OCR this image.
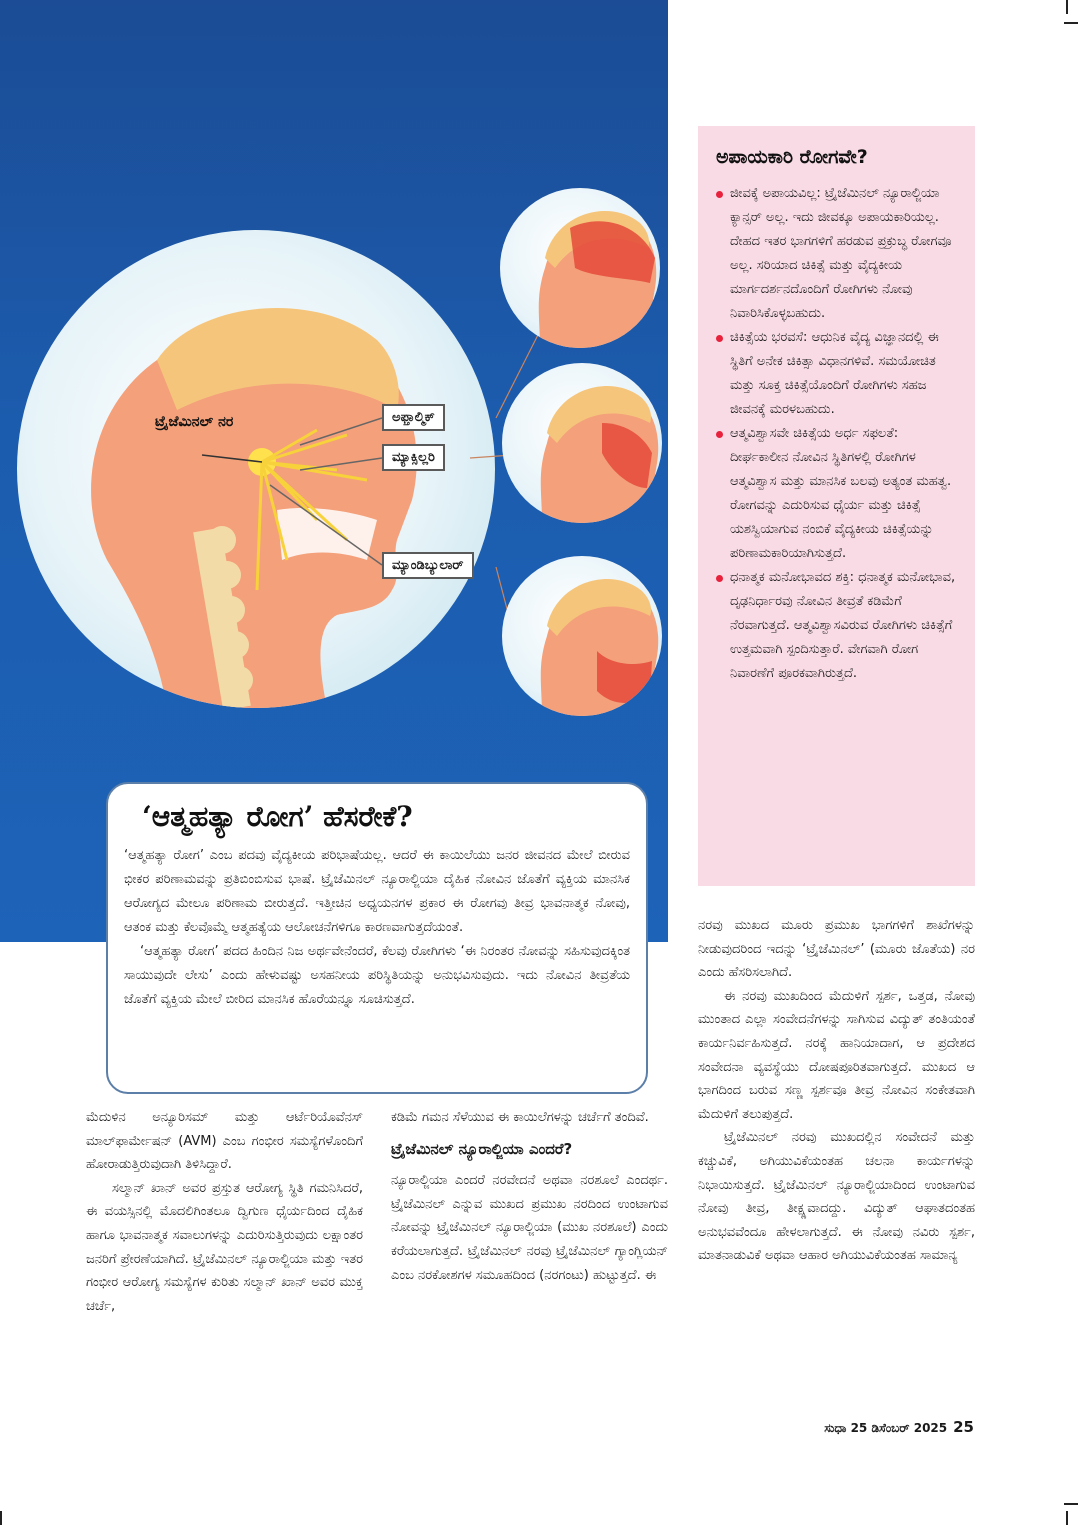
ಟ್ರೈಜೆಮಿನಲ್ ನರ	ಅಫ್ತಾಲ್ಮಿಕ್
ಮ್ಯಾಕ್ಸಿಲ್ಲರಿ
ಮ್ಯಾಂಡಿಬ್ಯುಲಾರ್
ಅಪಾಯಕಾರಿ ರೋಗವೇ?
ಜೀವಕ್ಕೆ ಅಪಾಯವಿಲ್ಲ: ಟ್ರೈಜೆಮಿನಲ್ ನ್ಯೂರಾಲ್ಜಿಯಾ ಕ್ಯಾನ್ಸರ್ ಅಲ್ಲ. ಇದು ಜೀವಕ್ಕೂ ಅಪಾಯಕಾರಿಯಲ್ಲ. ದೇಹದ ಇತರ ಭಾಗಗಳಿಗೆ ಹರಡುವ ಪ್ರಕ್ರುಬ್ಧ ರೋಗವೂ ಅಲ್ಲ. ಸರಿಯಾದ ಚಿಕಿತ್ಸೆ ಮತ್ತು ವೈದ್ಯಕೀಯ ಮಾರ್ಗದರ್ಶನದೊಂದಿಗೆ ರೋಗಿಗಳು ನೋವು ನಿವಾರಿಸಿಕೊಳ್ಳಬಹುದು.
ಚಿಕಿತ್ಸೆಯ ಭರವಸೆ: ಆಧುನಿಕ ವೈದ್ಯ ವಿಜ್ಞಾನದಲ್ಲಿ ಈ ಸ್ಥಿತಿಗೆ ಅನೇಕ ಚಿಕಿತ್ಸಾ ವಿಧಾನಗಳಿವೆ. ಸಮಯೋಚಿತ ಮತ್ತು ಸೂಕ್ತ ಚಿಕಿತ್ಸೆಯೊಂದಿಗೆ ರೋಗಿಗಳು ಸಹಜ ಜೀವನಕ್ಕೆ ಮರಳಬಹುದು.
ಆತ್ಮವಿಶ್ವಾಸವೇ ಚಿಕಿತ್ಸೆಯ ಅರ್ಧ ಸಫಲತೆ: ದೀರ್ಘಕಾಲೀನ ನೋವಿನ ಸ್ಥಿತಿಗಳಲ್ಲಿ ರೋಗಿಗಳ ಆತ್ಮವಿಶ್ವಾಸ ಮತ್ತು ಮಾನಸಿಕ ಬಲವು ಅತ್ಯಂತ ಮಹತ್ವ. ರೋಗವನ್ನು ಎದುರಿಸುವ ಧೈರ್ಯ ಮತ್ತು ಚಿಕಿತ್ಸೆ ಯಶಸ್ವಿಯಾಗುವ ನಂಬಿಕೆ ವೈದ್ಯಕೀಯ ಚಿಕಿತ್ಸೆಯನ್ನು ಪರಿಣಾಮಕಾರಿಯಾಗಿಸುತ್ತದೆ.
ಧನಾತ್ಮಕ ಮನೋಭಾವದ ಶಕ್ತಿ: ಧನಾತ್ಮಕ ಮನೋಭಾವ, ದೃಢನಿರ್ಧಾರವು ನೋವಿನ ತೀವ್ರತೆ ಕಡಿಮೆಗೆ ನೆರವಾಗುತ್ತದೆ. ಆತ್ಮವಿಶ್ವಾಸವಿರುವ ರೋಗಿಗಳು ಚಿಕಿತ್ಸೆಗೆ ಉತ್ತಮವಾಗಿ ಸ್ಪಂದಿಸುತ್ತಾರೆ. ವೇಗವಾಗಿ ರೋಗ ನಿವಾರಣೆಗೆ ಪೂರಕವಾಗಿರುತ್ತದೆ.
‘ಆತ್ಮಹತ್ಯಾ ರೋಗ’ ಹೆಸರೇಕೆ?

‘ಆತ್ಮಹತ್ಯಾ ರೋಗ’ ಎಂಬ ಪದವು ವೈದ್ಯಕೀಯ ಪರಿಭಾಷೆಯಲ್ಲ. ಆದರೆ ಈ ಕಾಯಿಲೆಯು ಜನರ ಜೀವನದ ಮೇಲೆ ಬೀರುವ ಭೀಕರ ಪರಿಣಾಮವನ್ನು ಪ್ರತಿಬಿಂಬಿಸುವ ಭಾಷೆ. ಟ್ರೈಜೆಮಿನಲ್ ನ್ಯೂರಾಲ್ಜಿಯಾ ದೈಹಿಕ ನೋವಿನ ಜೊತೆಗೆ ವ್ಯಕ್ತಿಯ ಮಾನಸಿಕ ಆರೋಗ್ಯದ ಮೇಲೂ ಪರಿಣಾಮ ಬೀರುತ್ತದೆ. ಇತ್ತೀಚಿನ ಅಧ್ಯಯನಗಳ ಪ್ರಕಾರ ಈ ರೋಗವು ತೀವ್ರ ಭಾವನಾತ್ಮಕ ನೋವು, ಆತಂಕ ಮತ್ತು ಕೆಲವೊಮ್ಮೆ ಆತ್ಮಹತ್ಯೆಯ ಆಲೋಚನೆಗಳಿಗೂ ಕಾರಣವಾಗುತ್ತದೆಯಂತೆ.

‘ಆತ್ಮಹತ್ಯಾ ರೋಗ’ ಪದದ ಹಿಂದಿನ ನಿಜ ಅರ್ಥವೇನೆಂದರೆ, ಕೆಲವು ರೋಗಿಗಳು ‘ಈ ನಿರಂತರ ನೋವನ್ನು ಸಹಿಸುವುದಕ್ಕಿಂತ ಸಾಯುವುದೇ ಲೇಸು’ ಎಂದು ಹೇಳುವಷ್ಟು ಅಸಹನೀಯ ಪರಿಸ್ಥಿತಿಯನ್ನು ಅನುಭವಿಸುವುದು. ಇದು ನೋವಿನ ತೀವ್ರತೆಯ ಜೊತೆಗೆ ವ್ಯಕ್ತಿಯ ಮೇಲೆ ಬೀರಿದ ಮಾನಸಿಕ ಹೊರೆಯನ್ನೂ ಸೂಚಿಸುತ್ತದೆ.

ಮೆದುಳಿನ ಅನ್ಯೂರಿಸಮ್ ಮತ್ತು ಆರ್ಟೆರಿಯೊವೆನಸ್ ಮಾಲ್‌ಫಾರ್ಮೇಷನ್ (AVM) ಎಂಬ ಗಂಭೀರ ಸಮಸ್ಯೆಗಳೊಂದಿಗೆ ಹೋರಾಡುತ್ತಿರುವುದಾಗಿ ತಿಳಿಸಿದ್ದಾರೆ.

ಸಲ್ಮಾನ್ ಖಾನ್ ಅವರ ಪ್ರಸ್ತುತ ಆರೋಗ್ಯ ಸ್ಥಿತಿ ಗಮನಿಸಿದರೆ, ಈ ವಯಸ್ಸಿನಲ್ಲಿ ಮೊದಲಿಗಿಂತಲೂ ದ್ವಿಗುಣ ಧೈರ್ಯದಿಂದ ದೈಹಿಕ ಹಾಗೂ ಭಾವನಾತ್ಮಕ ಸವಾಲುಗಳನ್ನು ಎದುರಿಸುತ್ತಿರುವುದು ಲಕ್ಷಾಂತರ ಜನರಿಗೆ ಪ್ರೇರಣೆಯಾಗಿದೆ. ಟ್ರೈಜೆಮಿನಲ್ ನ್ಯೂರಾಲ್ಜಿಯಾ ಮತ್ತು ಇತರ ಗಂಭೀರ ಆರೋಗ್ಯ ಸಮಸ್ಯೆಗಳ ಕುರಿತು ಸಲ್ಮಾನ್ ಖಾನ್ ಅವರ ಮುಕ್ತ ಚರ್ಚೆ,

ಕಡಿಮೆ ಗಮನ ಸೆಳೆಯುವ ಈ ಕಾಯಿಲೆಗಳನ್ನು ಚರ್ಚೆಗೆ ತಂದಿವೆ.

ಟ್ರೈಜೆಮಿನಲ್ ನ್ಯೂರಾಲ್ಜಿಯಾ ಎಂದರೆ?

ನ್ಯೂರಾಲ್ಜಿಯಾ ಎಂದರೆ ನರವೇದನೆ ಅಥವಾ ನರಶೂಲೆ ಎಂದರ್ಥ. ಟ್ರೈಜೆಮಿನಲ್ ಎನ್ನುವ ಮುಖದ ಪ್ರಮುಖ ನರದಿಂದ ಉಂಟಾಗುವ ನೋವನ್ನು ಟ್ರೈಜೆಮಿನಲ್ ನ್ಯೂರಾಲ್ಜಿಯಾ (ಮುಖ ನರಶೂಲೆ) ಎಂದು ಕರೆಯಲಾಗುತ್ತದೆ. ಟ್ರೈಜೆಮಿನಲ್ ನರವು ಟ್ರೈಜೆಮಿನಲ್ ಗ್ಯಾಂಗ್ಲಿಯನ್ ಎಂಬ ನರಕೋಶಗಳ ಸಮೂಹದಿಂದ (ನರಗಂಟು) ಹುಟ್ಟುತ್ತದೆ. ಈ

ನರವು ಮುಖದ ಮೂರು ಪ್ರಮುಖ ಭಾಗಗಳಿಗೆ ಶಾಖೆಗಳನ್ನು ನೀಡುವುದರಿಂದ ಇದನ್ನು ‘ಟ್ರೈಜೆಮಿನಲ್’ (ಮೂರು ಜೊತೆಯ) ನರ ಎಂದು ಹೆಸರಿಸಲಾಗಿದೆ.

ಈ ನರವು ಮುಖದಿಂದ ಮೆದುಳಿಗೆ ಸ್ಪರ್ಶ, ಒತ್ತಡ, ನೋವು ಮುಂತಾದ ಎಲ್ಲಾ ಸಂವೇದನೆಗಳನ್ನು ಸಾಗಿಸುವ ವಿದ್ಯುತ್ ತಂತಿಯಂತೆ ಕಾರ್ಯನಿರ್ವಹಿಸುತ್ತದೆ. ನರಕ್ಕೆ ಹಾನಿಯಾದಾಗ, ಆ ಪ್ರದೇಶದ ಸಂವೇದನಾ ವ್ಯವಸ್ಥೆಯು ದೋಷಪೂರಿತವಾಗುತ್ತದೆ. ಮುಖದ ಆ ಭಾಗದಿಂದ ಬರುವ ಸಣ್ಣ ಸ್ಪರ್ಶವೂ ತೀವ್ರ ನೋವಿನ ಸಂಕೇತವಾಗಿ ಮೆದುಳಿಗೆ ತಲುಪುತ್ತದೆ.

ಟ್ರೈಜೆಮಿನಲ್ ನರವು ಮುಖದಲ್ಲಿನ ಸಂವೇದನೆ ಮತ್ತು ಕಚ್ಚುವಿಕೆ, ಅಗಿಯುವಿಕೆಯಂತಹ ಚಲನಾ ಕಾರ್ಯಗಳನ್ನು ನಿಭಾಯಿಸುತ್ತದೆ. ಟ್ರೈಜೆಮಿನಲ್ ನ್ಯೂರಾಲ್ಜಿಯಾದಿಂದ ಉಂಟಾಗುವ ನೋವು ತೀವ್ರ, ತೀಕ್ಷ್ಣವಾದದ್ದು. ವಿದ್ಯುತ್ ಆಘಾತದಂತಹ ಅನುಭವವೆಂದೂ ಹೇಳಲಾಗುತ್ತದೆ. ಈ ನೋವು ನವಿರು ಸ್ಪರ್ಶ, ಮಾತನಾಡುವಿಕೆ ಅಥವಾ ಆಹಾರ ಅಗಿಯುವಿಕೆಯಂತಹ ಸಾಮಾನ್ಯ

ಸುಧಾ 25 ಡಿಸೆಂಬರ್ 2025 25
